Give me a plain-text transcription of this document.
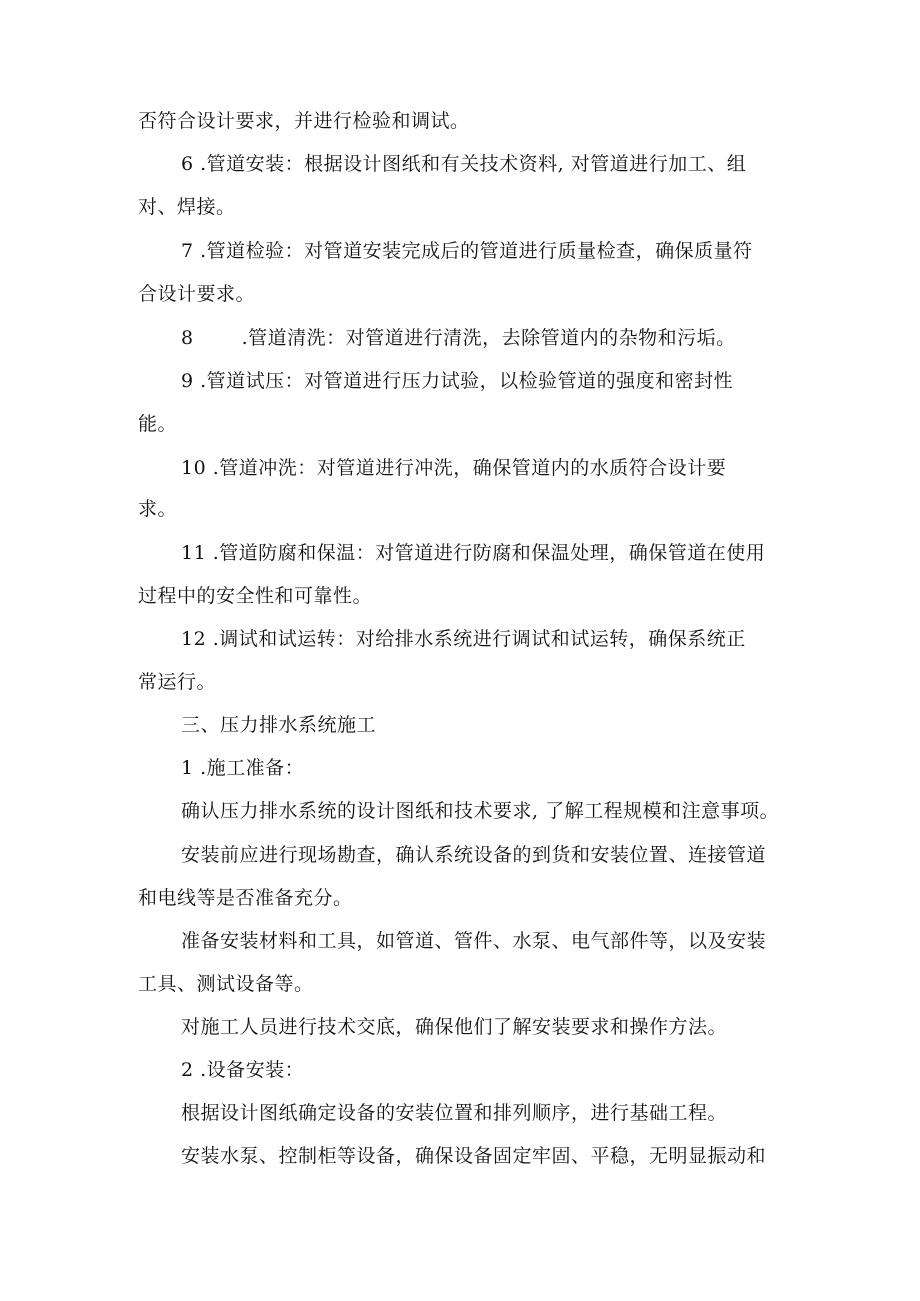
否符合设计要求，并进行检验和调试。
6 .管道安装：根据设计图纸和有关技术资料, 对管道进行加工、组
对、焊接。
7 .管道检验：对管道安装完成后的管道进行质量检查，确保质量符
合设计要求。
8	.管道清洗：对管道进行清洗，去除管道内的杂物和污垢。
9 .管道试压：对管道进行压力试验，以检验管道的强度和密封性
能。
10 .管道冲洗：对管道进行冲洗，确保管道内的水质符合设计要
求。
11 .管道防腐和保温：对管道进行防腐和保温处理，确保管道在使用
过程中的安全性和可靠性。
12 .调试和试运转：对给排水系统进行调试和试运转，确保系统正
常运行。
三、压力排水系统施工
1 .施工准备：
确认压力排水系统的设计图纸和技术要求, 了解工程规模和注意事项。
安装前应进行现场勘查，确认系统设备的到货和安装位置、连接管道
和电线等是否准备充分。
准备安装材料和工具，如管道、管件、水泵、电气部件等，以及安装
工具、测试设备等。
对施工人员进行技术交底，确保他们了解安装要求和操作方法。
2 .设备安装：
根据设计图纸确定设备的安装位置和排列顺序，进行基础工程。
安装水泵、控制柜等设备，确保设备固定牢固、平稳，无明显振动和
